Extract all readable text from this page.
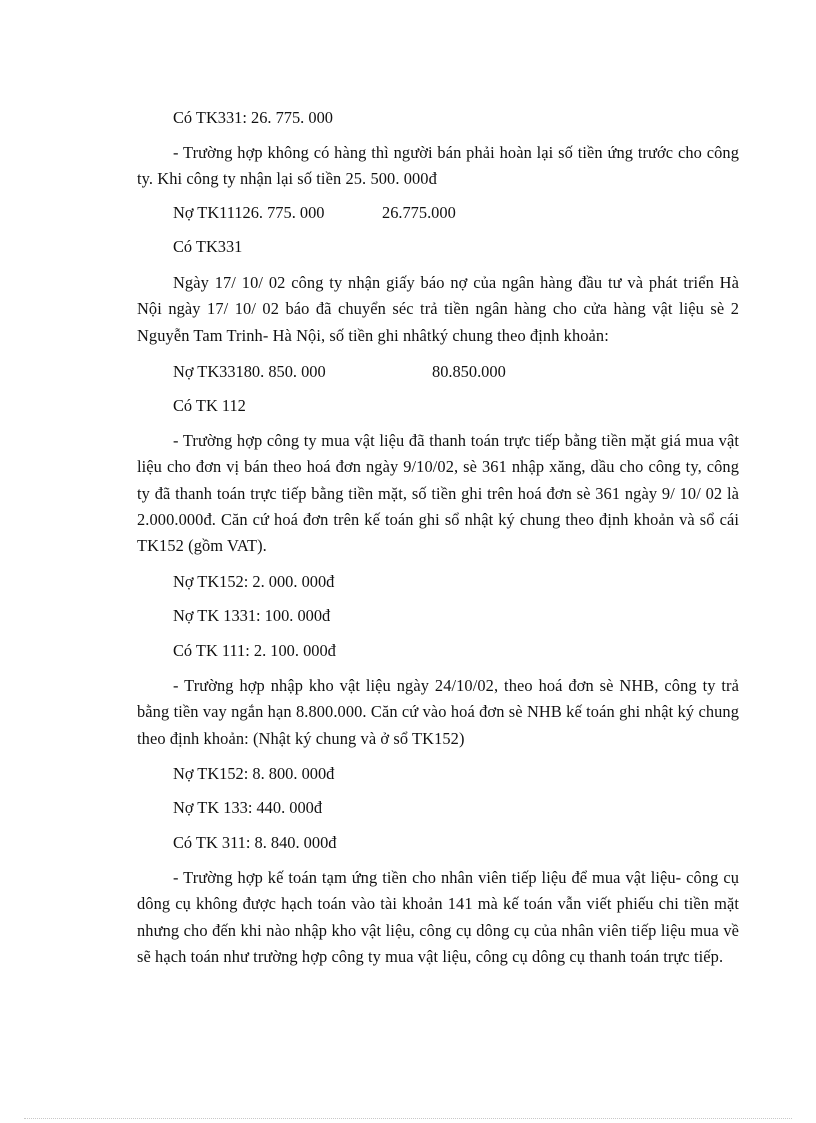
Có TK331: 26. 775. 000
- Trường hợp không có hàng thì người bán phải hoàn lại số tiền ứng trước cho công ty. Khi công ty nhận lại số tiền 25. 500. 000đ
Nợ TK11126. 775. 000	26.775.000
Có TK331
Ngày 17/ 10/ 02 công ty nhận giấy báo nợ của ngân hàng đầu tư và phát triển Hà Nội ngày 17/ 10/ 02 báo đã chuyển séc trả tiền ngân hàng cho cửa hàng vật liệu sè 2 Nguyễn Tam Trinh- Hà Nội, số tiền ghi nhâtký chung theo định khoản:
Nợ TK33180. 850. 000	80.850.000
Có TK 112
- Trường hợp công ty mua vật liệu đã thanh toán trực tiếp bằng tiền mặt giá mua vật liệu cho đơn vị bán theo hoá đơn ngày 9/10/02, sè 361 nhập xăng, dầu cho công ty, công ty đã thanh toán trực tiếp bằng tiền mặt, số tiền ghi trên hoá đơn sè 361 ngày 9/ 10/ 02 là 2.000.000đ. Căn cứ hoá đơn trên kế toán ghi sổ nhật ký chung theo định khoản và sổ cái TK152 (gồm VAT).
Nợ TK152: 2. 000. 000đ
Nợ TK 1331: 100. 000đ
Có TK 111: 2. 100. 000đ
- Trường hợp nhập kho vật liệu ngày 24/10/02, theo hoá đơn sè NHB, công ty trả bằng tiền vay ngắn hạn 8.800.000. Căn cứ vào hoá đơn sè NHB kế toán ghi nhật ký chung theo định khoản: (Nhật ký chung và ở sổ TK152)
Nợ TK152: 8. 800. 000đ
Nợ TK 133: 440. 000đ
Có TK 311: 8. 840. 000đ
- Trường hợp kế toán tạm ứng tiền cho nhân viên tiếp liệu để mua vật liệu- công cụ dông cụ không được hạch toán vào tài khoản 141 mà kế toán vẫn viết phiếu chi tiền mặt nhưng cho đến khi nào nhập kho vật liệu, công cụ dông cụ của nhân viên tiếp liệu mua về sẽ hạch toán như trường hợp công ty mua vật liệu, công cụ dông cụ thanh toán trực tiếp.
